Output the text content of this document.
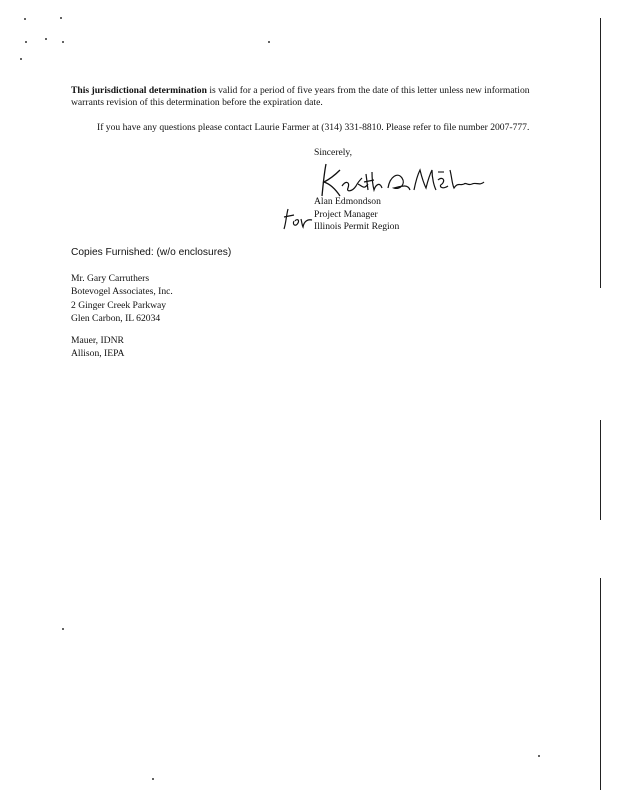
This jurisdictional determination is valid for a period of five years from the date of this letter unless new information warrants revision of this determination before the expiration date.

If you have any questions please contact Laurie Farmer at (314) 331-8810. Please refer to file number 2007-777.

Sincerely,
Alan Edmondson
Project Manager
Illinois Permit Region
Copies Furnished: (w/o enclosures)
Mr. Gary Carruthers
Botevogel Associates, Inc.
2 Ginger Creek Parkway
Glen Carbon, IL 62034
Mauer, IDNR
Allison, IEPA
